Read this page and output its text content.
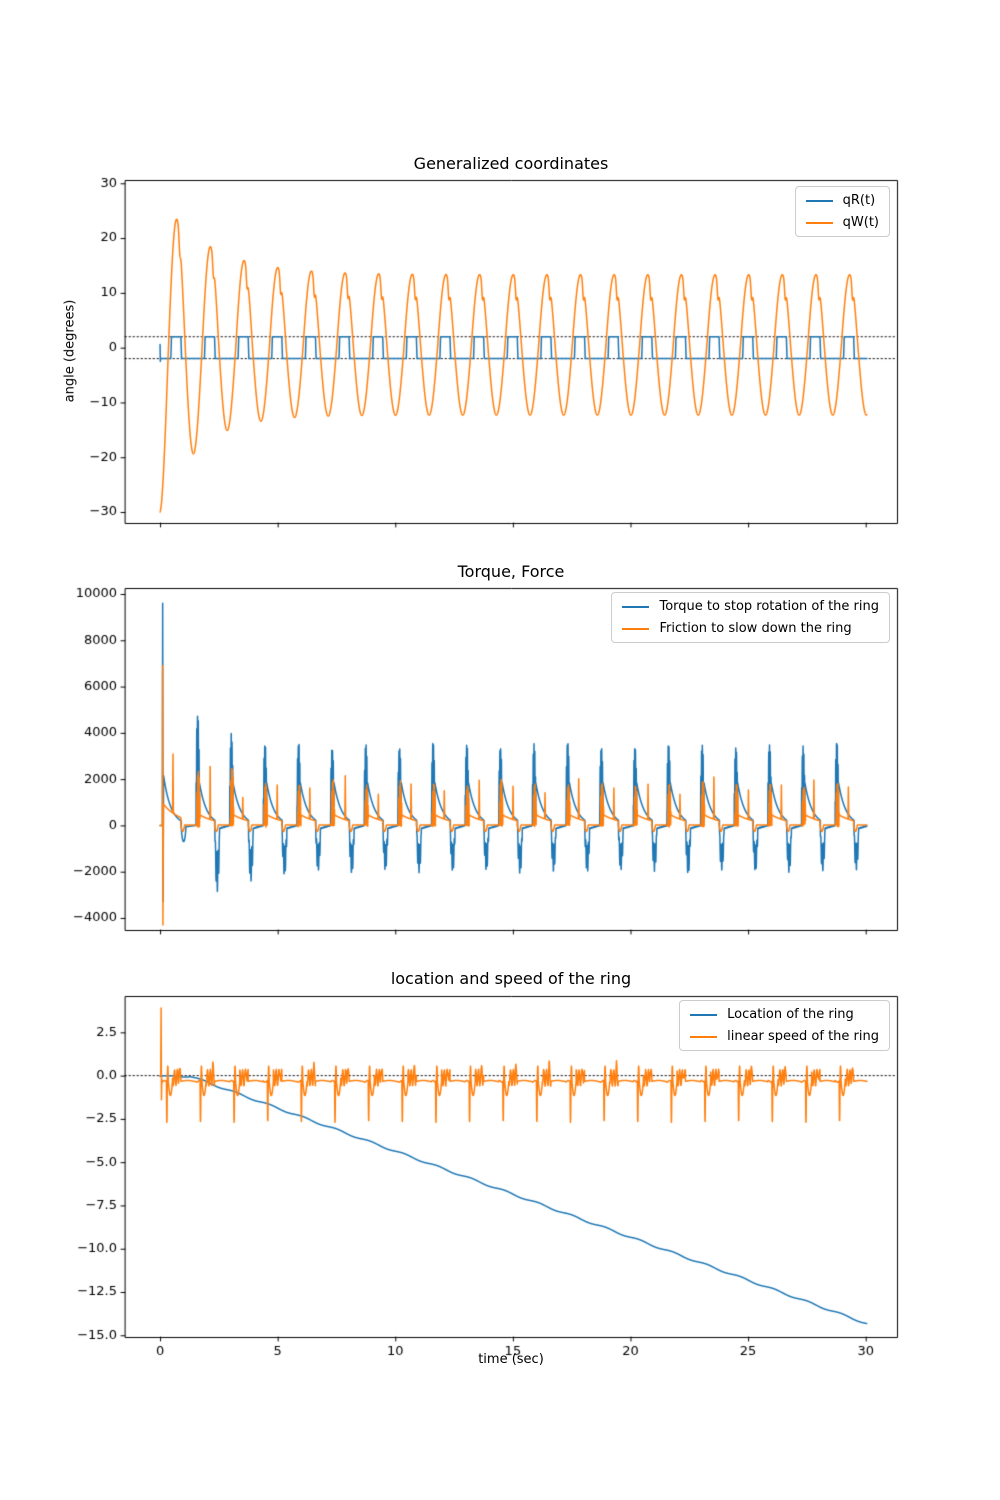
Generalized coordinates
Torque, Force
location and speed of the ring
angle (degrees)
time (sec)
qR(t)
qW(t)
Torque to stop rotation of the ring
Friction to slow down the ring
Location of the ring
linear speed of the ring
